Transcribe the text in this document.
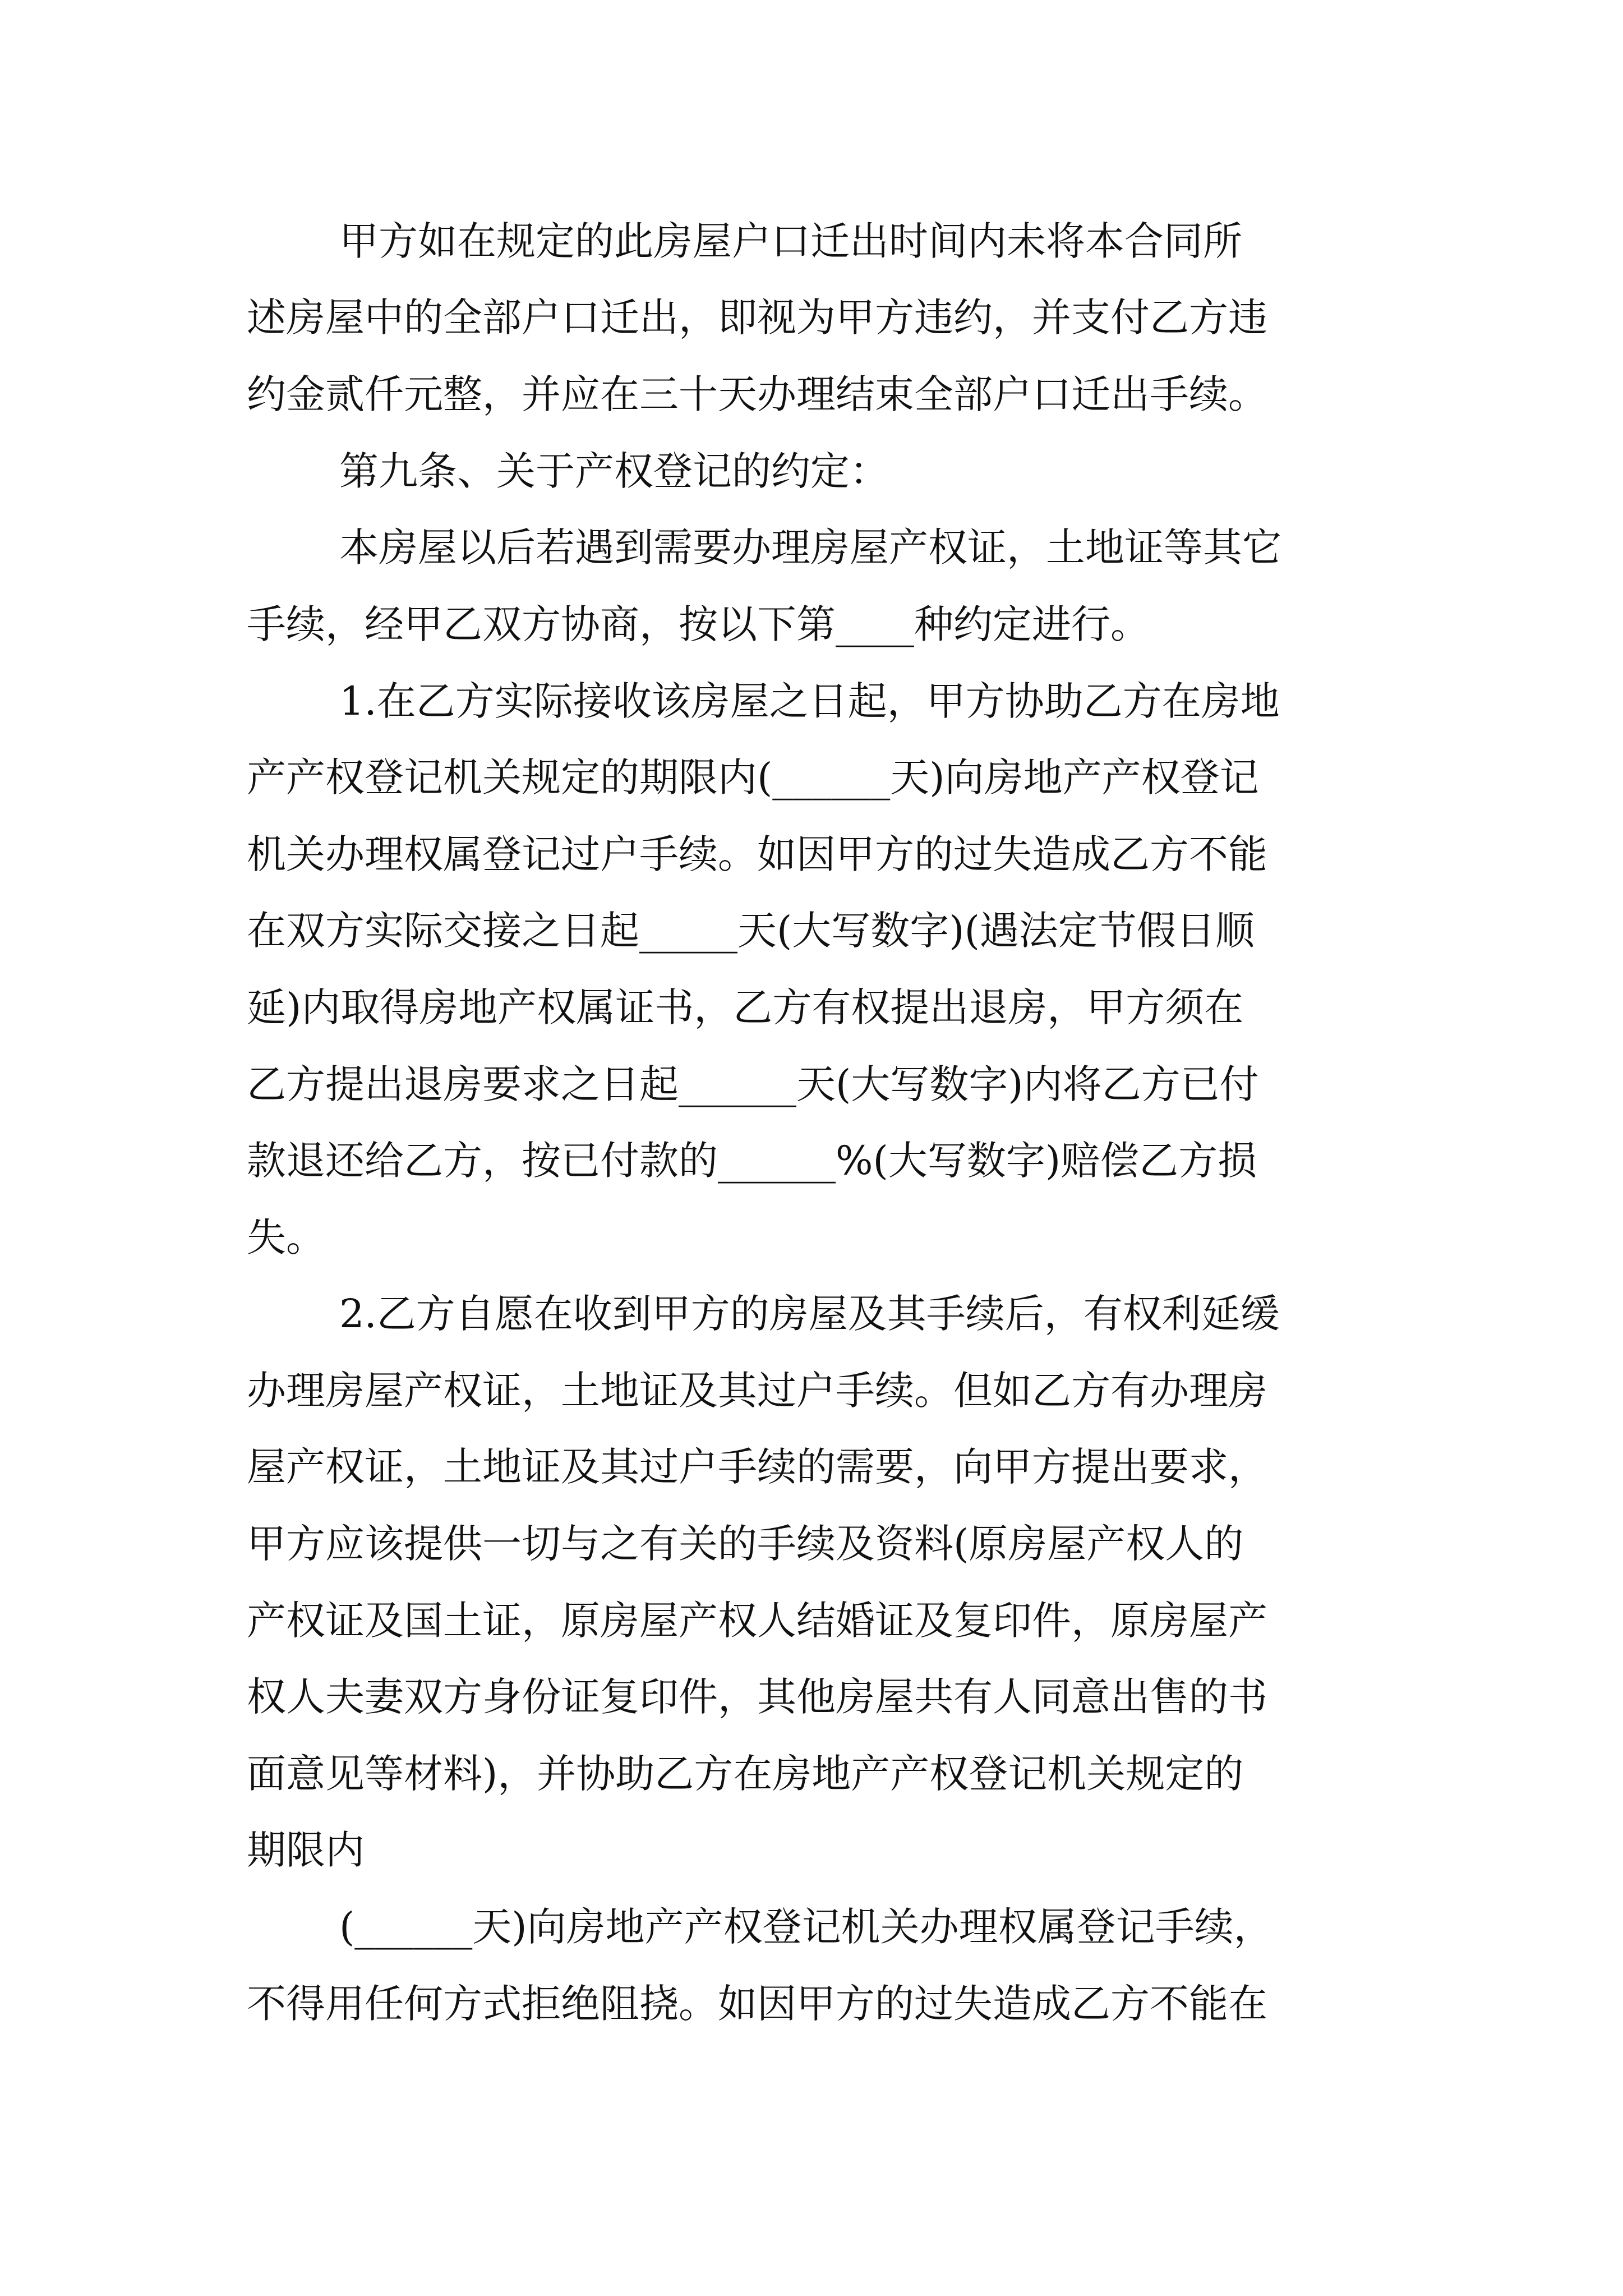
甲方如在规定的此房屋户口迁出时间内未将本合同所
述房屋中的全部户口迁出，即视为甲方违约，并支付乙方违
约金贰仟元整，并应在三十天办理结束全部户口迁出手续。
第九条、关于产权登记的约定：
本房屋以后若遇到需要办理房屋产权证，土地证等其它
手续，经甲乙双方协商，按以下第____种约定进行。
1.在乙方实际接收该房屋之日起，甲方协助乙方在房地
产产权登记机关规定的期限内(______天)向房地产产权登记
机关办理权属登记过户手续。如因甲方的过失造成乙方不能
在双方实际交接之日起_____天(大写数字)(遇法定节假日顺
延)内取得房地产权属证书，乙方有权提出退房，甲方须在
乙方提出退房要求之日起______天(大写数字)内将乙方已付
款退还给乙方，按已付款的______%(大写数字)赔偿乙方损
失。
2.乙方自愿在收到甲方的房屋及其手续后，有权利延缓
办理房屋产权证，土地证及其过户手续。但如乙方有办理房
屋产权证，土地证及其过户手续的需要，向甲方提出要求，
甲方应该提供一切与之有关的手续及资料(原房屋产权人的
产权证及国土证，原房屋产权人结婚证及复印件，原房屋产
权人夫妻双方身份证复印件，其他房屋共有人同意出售的书
面意见等材料)，并协助乙方在房地产产权登记机关规定的
期限内
(______天)向房地产产权登记机关办理权属登记手续，
不得用任何方式拒绝阻挠。如因甲方的过失造成乙方不能在
